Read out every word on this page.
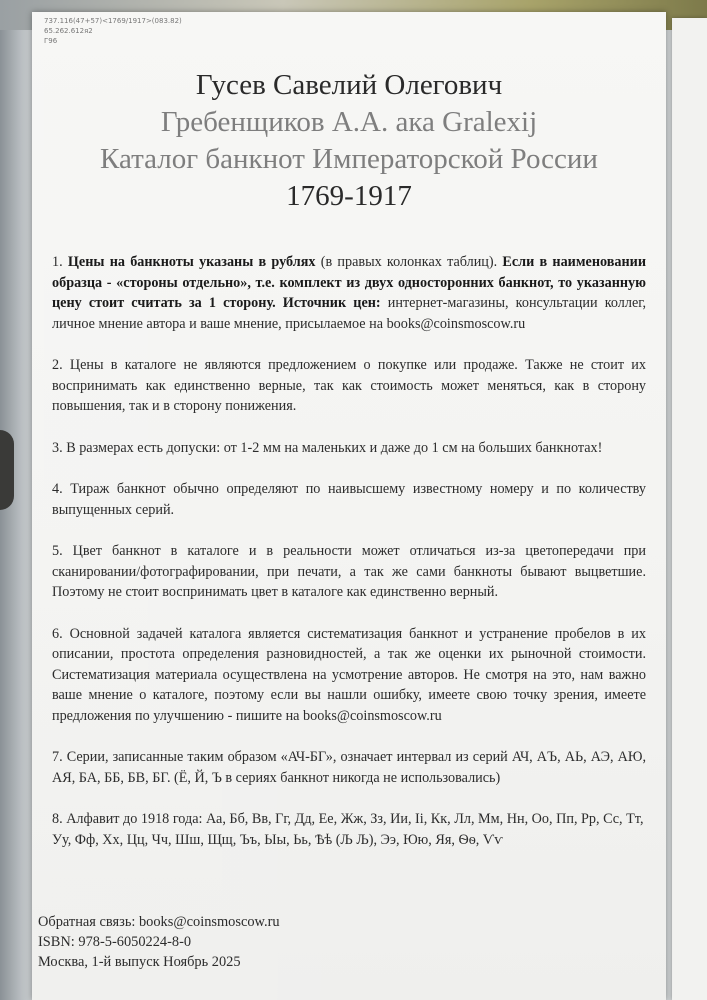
737.116(47+57)<1769/1917>(083.82)
65.262.612я2
Г96
Гусев Савелий Олегович
Гребенщиков А.А. ака Gralexij
Каталог банкнот Императорской России
1769-1917

1. Цены на банкноты указаны в рублях (в правых колонках таблиц). Если в наименовании образца - «стороны отдельно», т.е. комплект из двух односторонних банкнот, то указанную цену стоит считать за 1 сторону. Источник цен: интернет-магазины, консультации коллег, личное мнение автора и ваше мнение, присылаемое на books@coinsmoscow.ru

2. Цены в каталоге не являются предложением о покупке или продаже. Также не стоит их воспринимать как единственно верные, так как стоимость может меняться, как в сторону повышения, так и в сторону понижения.

3. В размерах есть допуски: от 1-2 мм на маленьких и даже до 1 см на больших банкнотах!

4. Тираж банкнот обычно определяют по наивысшему известному номеру и по количеству выпущенных серий.

5. Цвет банкнот в каталоге и в реальности может отличаться из-за цветопередачи при сканировании/фотографировании, при печати, а так же сами банкноты бывают выцветшие. Поэтому не стоит воспринимать цвет в каталоге как единственно верный.

6. Основной задачей каталога является систематизация банкнот и устранение пробелов в их описании, простота определения разновидностей, а так же оценки их рыночной стоимости. Систематизация материала осуществлена на усмотрение авторов. Не смотря на это, нам важно ваше мнение о каталоге, поэтому если вы нашли ошибку, имеете свою точку зрения, имеете предложения по улучшению - пишите на books@coinsmoscow.ru

7. Серии, записанные таким образом «АЧ-БГ», означает интервал из серий АЧ, АЪ, АЬ, АЭ, АЮ, АЯ, БА, ББ, БВ, БГ. (Ё, Й, Ъ в сериях банкнот никогда не использовались)

8. Алфавит до 1918 года: Аа, Бб, Вв, Гг, Дд, Ее, Жж, Зз, Ии, Іі, Кк, Лл, Мм, Нн, Оо, Пп, Рр, Сс, Тт, Уу, Фф, Хх, Цц, Чч, Шш, Щщ, Ъъ, Ыы, Ьь, Ѣѣ (Љ Љ), Ээ, Юю, Яя, Ѳѳ, Ѵѵ

Обратная связь: books@coinsmoscow.ru
ISBN: 978-5-6050224-8-0
Москва, 1-й выпуск Ноябрь 2025
